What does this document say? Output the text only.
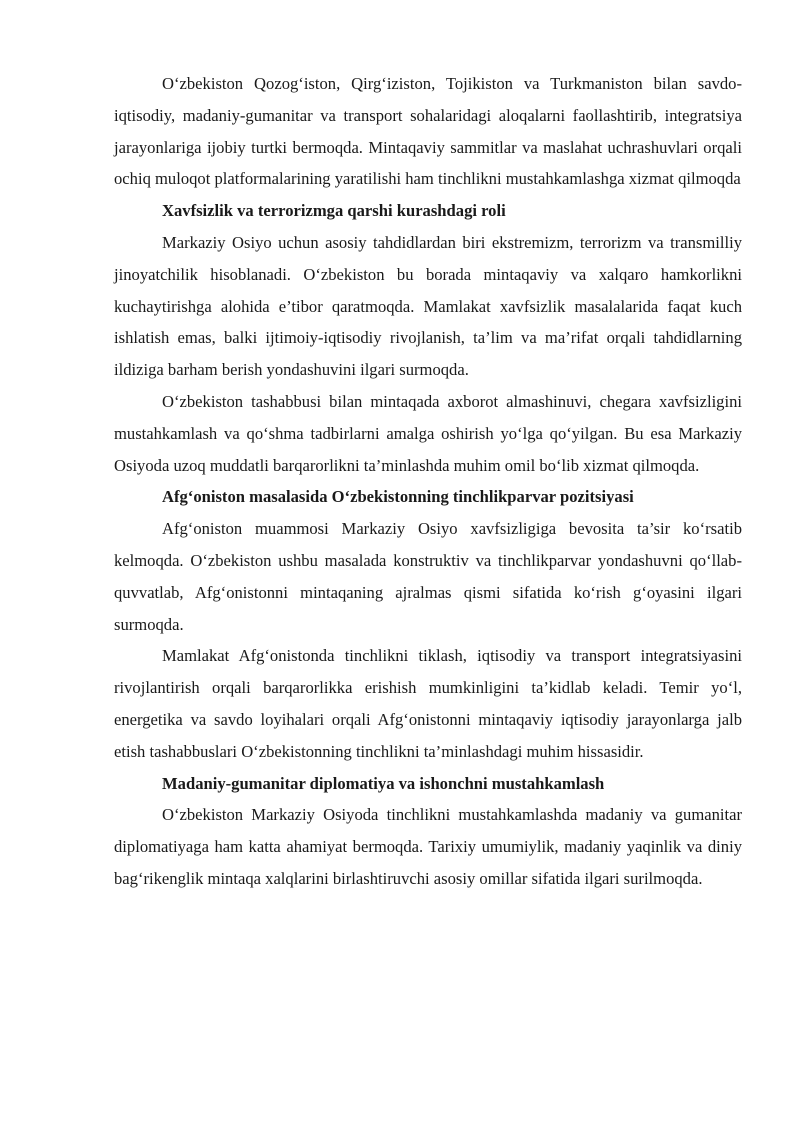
O‘zbekiston Qozog‘iston, Qirg‘iziston, Tojikiston va Turkmaniston bilan savdo-iqtisodiy, madaniy-gumanitar va transport sohalaridagi aloqalarni faollashtirib, integratsiya jarayonlariga ijobiy turtki bermoqda. Mintaqaviy sammitlar va maslahat uchrashuvlari orqali ochiq muloqot platformalarining yaratilishi ham tinchlikni mustahkamlashga xizmat qilmoqda

Xavfsizlik va terrorizmga qarshi kurashdagi roli

Markaziy Osiyo uchun asosiy tahdidlardan biri ekstremizm, terrorizm va transmilliy jinoyatchilik hisoblanadi. O‘zbekiston bu borada mintaqaviy va xalqaro hamkorlikni kuchaytirishga alohida e’tibor qaratmoqda. Mamlakat xavfsizlik masalalarida faqat kuch ishlatish emas, balki ijtimoiy-iqtisodiy rivojlanish, ta’lim va ma’rifat orqali tahdidlarning ildiziga barham berish yondashuvini ilgari surmoqda.

O‘zbekiston tashabbusi bilan mintaqada axborot almashinuvi, chegara xavfsizligini mustahkamlash va qo‘shma tadbirlarni amalga oshirish yo‘lga qo‘yilgan. Bu esa Markaziy Osiyoda uzoq muddatli barqarorlikni ta’minlashda muhim omil bo‘lib xizmat qilmoqda.

Afg‘oniston masalasida O‘zbekistonning tinchlikparvar pozitsiyasi

Afg‘oniston muammosi Markaziy Osiyo xavfsizligiga bevosita ta’sir ko‘rsatib kelmoqda. O‘zbekiston ushbu masalada konstruktiv va tinchlikparvar yondashuvni qo‘llab-quvvatlab, Afg‘onistonni mintaqaning ajralmas qismi sifatida ko‘rish g‘oyasini ilgari surmoqda.

Mamlakat Afg‘onistonda tinchlikni tiklash, iqtisodiy va transport integratsiyasini rivojlantirish orqali barqarorlikka erishish mumkinligini ta’kidlab keladi. Temir yo‘l, energetika va savdo loyihalari orqali Afg‘onistonni mintaqaviy iqtisodiy jarayonlarga jalb etish tashabbuslari O‘zbekistonning tinchlikni ta’minlashdagi muhim hissasidir.

Madaniy-gumanitar diplomatiya va ishonchni mustahkamlash

O‘zbekiston Markaziy Osiyoda tinchlikni mustahkamlashda madaniy va gumanitar diplomatiyaga ham katta ahamiyat bermoqda. Tarixiy umumiylik, madaniy yaqinlik va diniy bag‘rikenglik mintaqa xalqlarini birlashtiruvchi asosiy omillar sifatida ilgari surilmoqda.
